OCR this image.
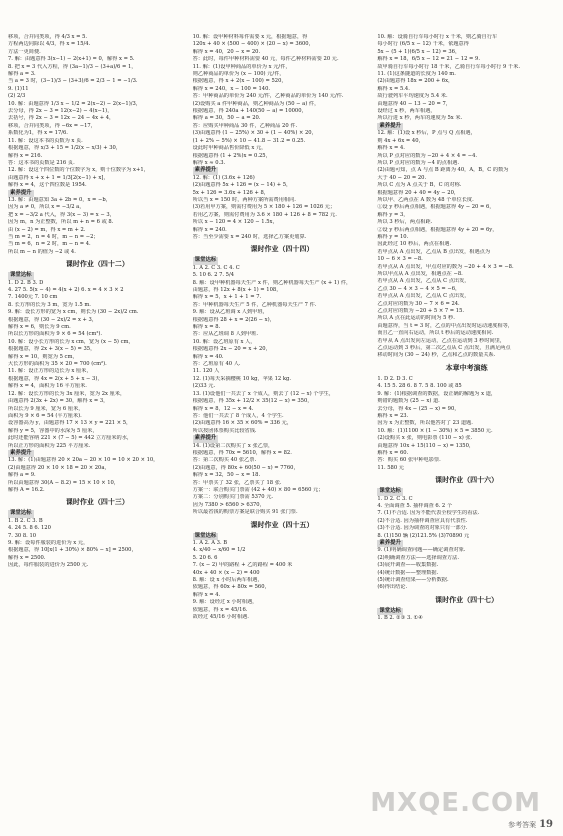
移项，合并同类项，得 4/3 x = 5.

方程两边同除以 4/3，得 x = 15/4.

方法一更简便.

7. 解：由题意得 3(x−1) − 2(x+1) = 0，解得 x = 5.

8. 把 x = 3 代入方程，得 (3a−1)/3 − (3+a)/6 = 1，

解得 a = 3.

当 a = 3 时，(3−1)/3 − (3+3)/6 = 2/3 − 1 = −1/3.

9. (1)11

(2) 2/3

10. 解：由题意得 1/3 x − 1/2 = 2(x−2) − 2(x−1)/3，

去分母，得 2x − 3 = 12(x−2) − 4(x−1)，

去括号，得 2x − 3 = 12x − 24 − 4x + 4，

移项，合并同类项，得 −6x = −17，

系数化为1，得 x = 17/6.

11. 解：设这本书的页数为 x 页.

根据题意，得 x/3 + 15 = 1/2(x − x/3) + 30，

解得 x = 216.

答：这本书的页数是 216 页.

12. 解：设这个四位数的个位数字为 x，则十位数字为 x+1，

由题意得 x + x + 1 = 1/3[2(x−1) + x]，

解得 x = 4，这个四位数是 1954.

素养提升

13. 解：由题意知 3a + 2b = 0，x = −b，

因为 a ≠ 0，所以 x = −3/2 a，

把 x = −3/2 a 代入，得 3(x − 3) = x − 3，

因为 m，n 为正整数，所以 m + n = 6 或 8.

由 (x − 2) = m，得 x = m + 2.

当 m = 2，n = 4 时，m − n = −2；

当 m = 6，n = 2 时，m − n = 4.

所以 m − n 的值为 −2 或 4.

课时作业（四十二）
课堂达标

1. D 2. B 3. D

4. 27 5. 5(x − 4) = 4(x + 2) 6. x = 4 × 3 × 2

7. 1400元 7. 10 cm

8. 长方形的长为 3 m，宽为 1.5 m.

9. 解：设长方形的宽为 x cm，则长为 (30 − 2x)/2 cm.

根据题意，得 (30 − 2x)/2 = x + 3，

解得 x = 6，则长为 9 cm.

所以长方形的面积为 9 × 6 = 54 (cm²).

10. 解：设小长方形的长为 x cm，宽为 (x − 5) cm，

根据题意，得 2x + 3(x − 5) = 35，

解得 x = 10，则宽为 5 cm，

大长方形的面积为 35 × 20 = 700 (cm²).

11. 解：设正方形的边长为 x 厘米，

根据题意，得 4x = 2(x + 5 + x − 3)，

解得 x = 4，面积为 16 平方厘米.

12. 解：设长方形的长为 3x 厘米，宽为 2x 厘米，

由题意得 2(3x + 2x) = 30，解得 x = 3，

所以长为 9 厘米，宽为 6 厘米，

面积为 9 × 6 = 54 (平方厘米).

设容器高为 y，由题意得 17 × 13 × y = 221 × 5，

解得 y = 5，容器中的水深为 5 厘米，

此时还能容纳 221 × (7 − 5) = 442 立方厘米的水，

所以正方形的面积为 225 平方厘米.

素养提升

13. 解：(1)由题意得 20 × 20a − 20 × 10 = 10 × 20 × 10，

(2)由题意得 20 × 10 × 18 = 20 × 20a，

解得 a = 9.

所以由题意得 30(A − 8.2) = 15 × 10 × 10，

解得 A = 16.2.

课时作业（四十三）
课堂达标

1. B 2. C 3. B

4. 24 5. 8 6. 120

7. 30 8. 10

9. 解：设每件服装的进价为 x 元，

根据题意，得 10[x(1 + 30%) × 80% − x] = 2500，

解得 x = 2500.

因此，每件服装的进价为 2500 元.

10. 解：设甲种材料每件需要 x 元，根据题意，得

120x + 40 × (500 − 400) × (20 − x) = 3600，

解得 x = 40，20 − x = 20.

答：此时，每件甲种材料需要 40 元，每件乙种材料需要 20 元.

11. 解：(1)设甲种商品的单价为 x 元/件，

则乙种商品的单价为 (x − 100) 元/件，

根据题意，得 x + 2(x − 100) = 520，

解得 x = 240，x − 100 = 140.

答：甲种商品的单价为 240 元/件，乙种商品的单价为 140 元/件.

(2)设购买 a 件甲种商品，则乙种商品为 (50 − a) 件，

根据题意，得 240a + 140(50 − a) = 10000，

解得 a = 30，50 − a = 20.

答：应购买甲种商品 30 件，乙种商品 20 件.

(3)由题意得 (1 − 25%) × 30 + (1 − 40%) × 20，

(1 + 2% − 5%) × 10 − 41.8 − 31.2 = 0.25.

设此时甲种商品售价降低 x 元，

根据题意得 (1 + 2%)x = 0.25，

解得 x ≈ 0.3.

素养提升

12. 解：(1) (3.6x + 126)

(2)由题意得 5x + 126 = (x − 14) + 5，

5x + 126 = 3.6x + 126 + 8，

所以当 x = 150 时，两种方案所需费用相同.

(3)若用甲方案，则需付费用为 5 × 180 + 126 = 1026 元；

若用乙方案，则需付费用为 3.6 × 180 + 126 + 8 = 782 元.

所以 x − 120 = 4 × 120 − 1.5x，

解得 x = 240.

答：当至少需要 x = 240 时，选择乙方案更划算.

课时作业（四十四）
课堂达标

1. A 2. C 3. C 4. C

5. 10 6. 2 7. 5/4

8. 解：设甲种机器每天生产 x 件，则乙种机器每天生产 (x + 1) 件，

由题意，得 12x + 8(x + 1) = 108，

解得 x = 5，x + 1 + 1 = 7.

答：甲种机器每天生产 5 件，乙种机器每天生产 7 件.

9. 解：设从乙班调 x 人到甲班，

根据题意得 28 + x = 2(26 − x)，

解得 x = 8.

答：应从乙班调 8 人到甲班.

10. 解：设乙班原有 x 人，

根据题意得 2x − 20 = x + 20，

解得 x = 40.

答：乙班原有 40 人.

11. 120 人

12. (1)每天采摘樱桃 10 kg，苹果 12 kg.

(2)33 元.

13. (1)设他们一共去了 x 个成人，则去了 (12 − x) 个学生，

根据题意，得 35x + 12/2 × 35(12 − x) = 350，

解得 x = 8，12 − x = 4.

答：他们一共去了 8 个成人，4 个学生.

(2)由题意得 16 × 35 × 60% = 336 元，

所以按团体票购买比较省钱.

素养提升

14. (1)设第二次购买了 x 张乙票，

根据题意，得 70x = 5610，解得 x = 82.

答：第二次购买 40 张乙票.

(2)由题意，得 80x + 60(50 − x) = 7760，

解得 x = 32，50 − x = 18.

答：甲票买了 32 张，乙票买了 18 张.

方案一：联合购买门票需 (42 + 40) × 80 = 6560 元；

方案二：分别购买门票需 5370 元.

因为 7380 > 6560 > 6370，

所以最省钱的购票方案是联合购买 91 张门票.

课时作业（四十五）
课堂达标

1. A 2. A 3. B

4. x/40 − x/60 = 1/2

5. 20 6. 6

7. (x − 2) 甲的路程 + 乙的路程 = 400 米

40x + 40 × (x − 2) = 400

8. 解：设 x 小时后两车相遇，

依题意，得 60x + 80x = 560，

解得 x = 4.

9. 解：设经过 x 小时相遇，

依题意，得 x = 45/16.

故经过 45/16 小时相遇.

10. 解：设骑自行车每小时行 x 千米，则乙骑自行车

每小时行 (6/5 x − 12) 千米，依题意得

5x − (5 + 1)(6/5 x − 12) = 36，

解得 x = 18，6/5 x − 12 = 21 − 12 = 9.

故甲骑自行车每小时行 18 千米，乙骑自行车每小时行 9 千米.

11. (1)这条隧道的长度为 140 m.

(2)由题意得 18x = 200 + 6x，

解得 x = 5.4.

故行驶列车平均速度为 5.4 米.

由题意得 40 − 13 − 20 = 7，

设经过 x 秒，两车相遇，

所以行进 x 秒，两车的速度为 5x 米.

素养提升

12. 解：(1)设 x 秒后，P 点与 Q 点相遇，

则 4x + 6x = 40，

解得 x = 4.

所以 P 点对应的数为 −20 + 4 × 4 = −4.

所以 P 点对应的数为 −4 的点相遇.

(2)由题可知，点 A 与点 B 距离为 40，A，B，C 的数为

大于 40 − 20 = 20.

所以 C 点为 A 点关于 B，C 的对称.

根据题意得 20 + 40 = 4y − 20，

所以甲、乙两点在 A 数为 48 个单位长度.

①设 y 秒后两点相遇，根据题意得 4y − 20 = 6，

解得 y = 3，

所以 3 秒后，两点相距.

②设 y 秒后两点相遇，根据题意得 4y + 20 = 6y，

解得 y = 10.

因此经过 10 秒后，两点在相遇.

若甲点从 A 点出发，乙点从 B 点出发，相遇点为

10 − 6 × 3 = −8.

若甲点从 A 点出发，甲点对应的数为 −20 + 4 × 3 = −8.

所以甲点从 A 点出发，相遇点在 −8.

若甲点从 A 点出发，乙点从 C 点出发，

乙点 30 − 4 × 3 − 4 × 5 = −6，

若甲点从 A 点出发，乙点从 C 点出发，

乙点对应的数为 30 − 7 × 6 = 24.

乙点对应的数为 −20 + 5 × 7 = 15.

所以 A 点在此运动的时间为 5 秒.

由题意得，当 t = 3 时，乙点的中点出发时运动速度相等，

而且乙一直向右运动，所以 t 秒后的运动速度相同.

若甲从 A 点出发向左运动，乙点在运动到 3 秒时间里，

乙点运动到 3 秒后，第二次乙点从 C 点出发，且满足两点

移动时间为 (30 − 24) 秒，乙点和乙点的数量关系.

本章中考演练

1. D 2. D 3. C

4. 15 5. 28 6. 8 7. 5 8. 100 或 85

9. 解：(1)根据调查的数据，设正确的解题为 x 道，

则错的题数为 (25 − x) 道.

去分母，得 4x − (25 − x) = 90，

解得 x = 23.

因为 x 为正整数，所以他答对了 23 道题.

10. 解：(1)1100 × (1 − 30%) × 5 = 3850 元.

(2)设购买 x 张，则电影票 (110 − x) 张.

由题意得 10x + 15(110 − x) = 1350，

解得 x = 60.

答：购买 60 张甲种电影票.

11. 580 元

课时作业（四十六）
课堂达标

1. D 2. C 3. C

4. 全面调查 5. 抽样调查 6. 2 个

7. (1)不合适. 因为不能代表全校学生的看法.

(2)不合适. 因为抽样调查应具有代表性.

(3)不合适. 因为调查的对象只有一部分.

8. (1)150 辆 (2)121.5% (3)70890 元

素养提升

9. (1)明确调查问题——确定调查对象.

(2)明确调查方法——选择调查方法.

(3)展开调查——收集数据.

(4)统计数据——整理数据.

(5)统计调查结果——分析数据.

(6)得出结论.

课时作业（四十七）
课堂达标

1. B 2. ②③ 3. ①④

参考答案 19
MXQE.COM
